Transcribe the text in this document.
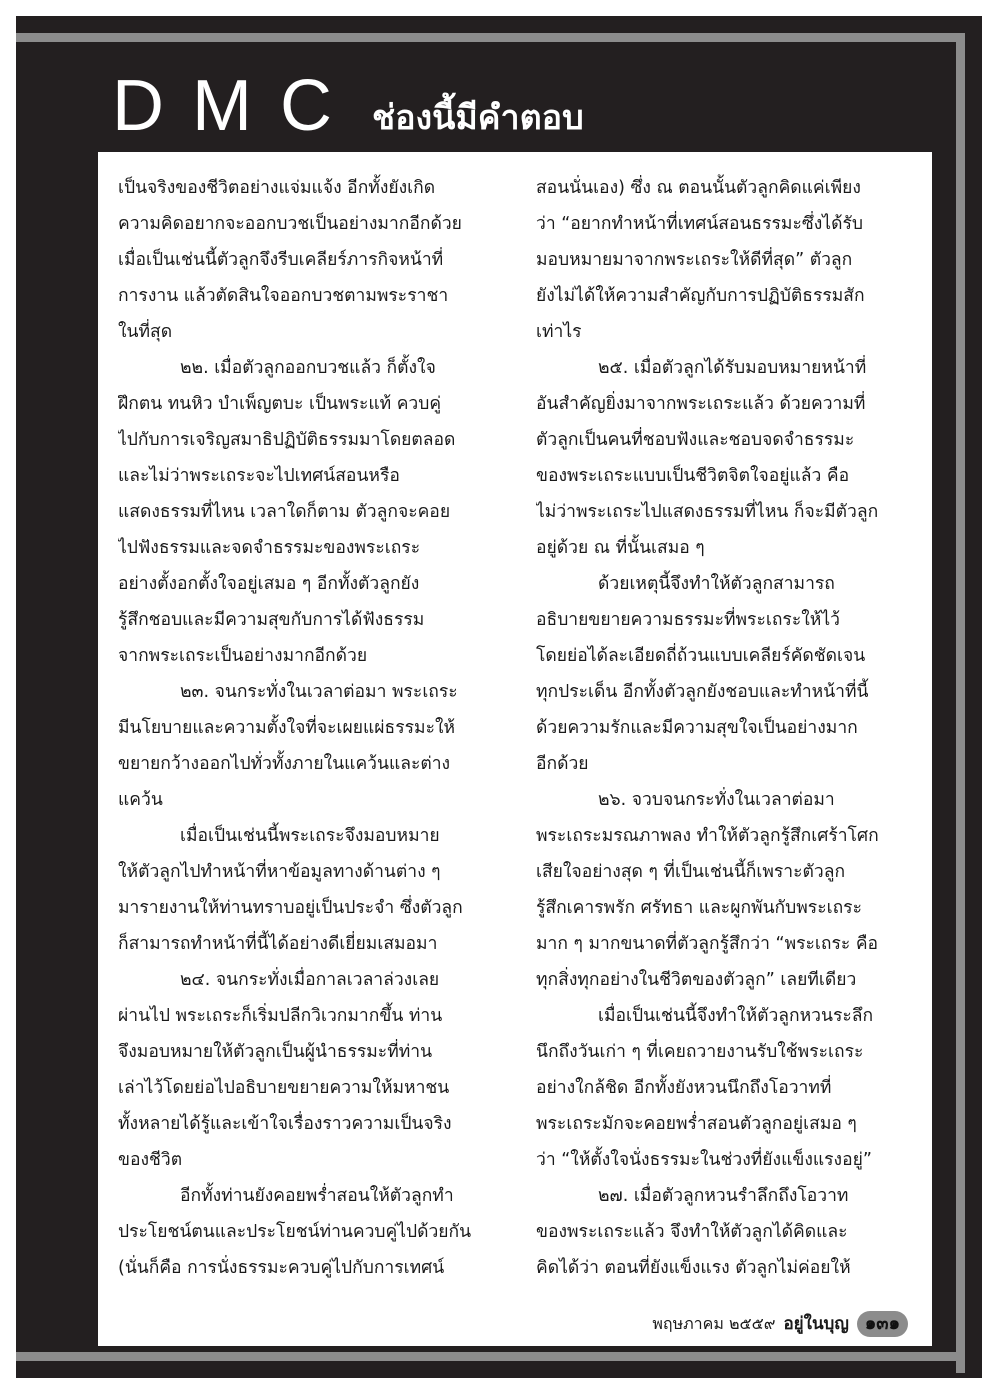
DMC ช่องนี้มีคำตอบ
เป็นจริงของชีวิตอย่างแจ่มแจ้ง อีกทั้งยังเกิด
ความคิดอยากจะออกบวชเป็นอย่างมากอีกด้วย
เมื่อเป็นเช่นนี้ตัวลูกจึงรีบเคลียร์ภารกิจหน้าที่
การงาน แล้วตัดสินใจออกบวชตามพระราชา
ในที่สุด
๒๒. เมื่อตัวลูกออกบวชแล้ว ก็ตั้งใจ
ฝึกตน ทนหิว บำเพ็ญตบะ เป็นพระแท้ ควบคู่
ไปกับการเจริญสมาธิปฏิบัติธรรมมาโดยตลอด
และไม่ว่าพระเถระจะไปเทศน์สอนหรือ
แสดงธรรมที่ไหน เวลาใดก็ตาม ตัวลูกจะคอย
ไปฟังธรรมและจดจำธรรมะของพระเถระ
อย่างตั้งอกตั้งใจอยู่เสมอ ๆ อีกทั้งตัวลูกยัง
รู้สึกชอบและมีความสุขกับการได้ฟังธรรม
จากพระเถระเป็นอย่างมากอีกด้วย
๒๓. จนกระทั่งในเวลาต่อมา พระเถระ
มีนโยบายและความตั้งใจที่จะเผยแผ่ธรรมะให้
ขยายกว้างออกไปทั่วทั้งภายในแคว้นและต่าง
แคว้น
เมื่อเป็นเช่นนี้พระเถระจึงมอบหมาย
ให้ตัวลูกไปทำหน้าที่หาข้อมูลทางด้านต่าง ๆ
มารายงานให้ท่านทราบอยู่เป็นประจำ ซึ่งตัวลูก
ก็สามารถทำหน้าที่นี้ได้อย่างดีเยี่ยมเสมอมา
๒๔. จนกระทั่งเมื่อกาลเวลาล่วงเลย
ผ่านไป พระเถระก็เริ่มปลีกวิเวกมากขึ้น ท่าน
จึงมอบหมายให้ตัวลูกเป็นผู้นำธรรมะที่ท่าน
เล่าไว้โดยย่อไปอธิบายขยายความให้มหาชน
ทั้งหลายได้รู้และเข้าใจเรื่องราวความเป็นจริง
ของชีวิต
อีกทั้งท่านยังคอยพร่ำสอนให้ตัวลูกทำ
ประโยชน์ตนและประโยชน์ท่านควบคู่ไปด้วยกัน
(นั่นก็คือ การนั่งธรรมะควบคู่ไปกับการเทศน์
สอนนั่นเอง) ซึ่ง ณ ตอนนั้นตัวลูกคิดแค่เพียง
ว่า “อยากทำหน้าที่เทศน์สอนธรรมะซึ่งได้รับ
มอบหมายมาจากพระเถระให้ดีที่สุด” ตัวลูก
ยังไม่ได้ให้ความสำคัญกับการปฏิบัติธรรมสัก
เท่าไร
๒๕. เมื่อตัวลูกได้รับมอบหมายหน้าที่
อันสำคัญยิ่งมาจากพระเถระแล้ว ด้วยความที่
ตัวลูกเป็นคนที่ชอบฟังและชอบจดจำธรรมะ
ของพระเถระแบบเป็นชีวิตจิตใจอยู่แล้ว คือ
ไม่ว่าพระเถระไปแสดงธรรมที่ไหน ก็จะมีตัวลูก
อยู่ด้วย ณ ที่นั้นเสมอ ๆ
ด้วยเหตุนี้จึงทำให้ตัวลูกสามารถ
อธิบายขยายความธรรมะที่พระเถระให้ไว้
โดยย่อได้ละเอียดถี่ถ้วนแบบเคลียร์คัดชัดเจน
ทุกประเด็น อีกทั้งตัวลูกยังชอบและทำหน้าที่นี้
ด้วยความรักและมีความสุขใจเป็นอย่างมาก
อีกด้วย
๒๖. จวบจนกระทั่งในเวลาต่อมา
พระเถระมรณภาพลง ทำให้ตัวลูกรู้สึกเศร้าโศก
เสียใจอย่างสุด ๆ ที่เป็นเช่นนี้ก็เพราะตัวลูก
รู้สึกเคารพรัก ศรัทธา และผูกพันกับพระเถระ
มาก ๆ มากขนาดที่ตัวลูกรู้สึกว่า “พระเถระ คือ
ทุกสิ่งทุกอย่างในชีวิตของตัวลูก” เลยทีเดียว
เมื่อเป็นเช่นนี้จึงทำให้ตัวลูกหวนระลึก
นึกถึงวันเก่า ๆ ที่เคยถวายงานรับใช้พระเถระ
อย่างใกล้ชิด อีกทั้งยังหวนนึกถึงโอวาทที่
พระเถระมักจะคอยพร่ำสอนตัวลูกอยู่เสมอ ๆ
ว่า “ให้ตั้งใจนั่งธรรมะในช่วงที่ยังแข็งแรงอยู่”
๒๗. เมื่อตัวลูกหวนรำลึกถึงโอวาท
ของพระเถระแล้ว จึงทำให้ตัวลูกได้คิดและ
คิดได้ว่า ตอนที่ยังแข็งแรง ตัวลูกไม่ค่อยให้
พฤษภาคม ๒๕๕๙ อยู่ในบุญ ๑๓๑
